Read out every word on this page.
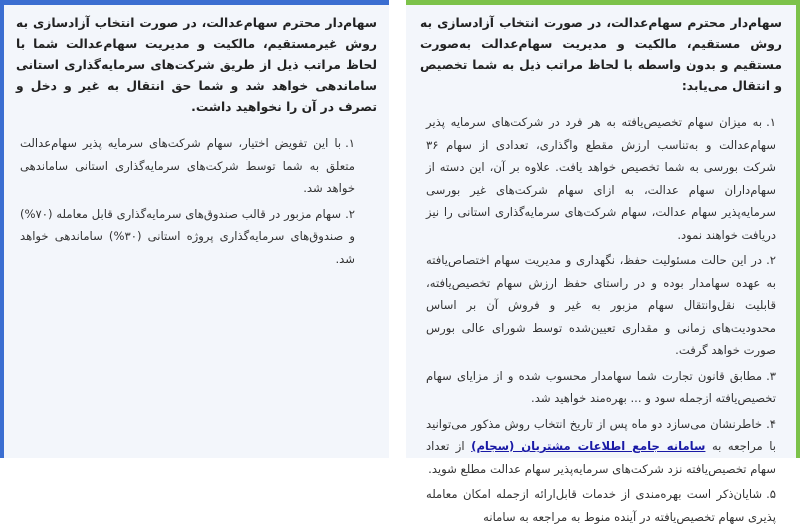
سهام‌دار محترم سهام‌عدالت، در صورت انتخاب آزادسازی به روش مستقیم، مالکیت و مدیریت سهام‌عدالت به‌صورت مستقیم و بدون واسطه با لحاظ مراتب ذیل به شما تخصیص و انتقال می‌یابد:

۱.به میزان سهام تخصیص‌یافته به هر فرد در شرکت‌های سرمایه پذیر سهام‌عدالت و به‌تناسب ارزش مقطع واگذاری، تعدادی از سهام ۳۶ شرکت بورسی به شما تخصیص خواهد یافت. علاوه بر آن، این دسته از سهام‌داران سهام عدالت، به ازای سهام شرکت‌های غیر بورسی سرمایه‌پذیر سهام عدالت، سهام شرکت‌های سرمایه‌گذاری استانی را نیز دریافت خواهند نمود.
۲.در این حالت مسئولیت حفظ، نگهداری و مدیریت سهام اختصاص‌یافته به عهده سهامدار بوده و در راستای حفظ ارزش سهام تخصیص‌یافته، قابلیت نقل‌وانتقال سهام مزبور به غیر و فروش آن بر اساس محدودیت‌های زمانی و مقداری تعیین‌شده توسط شورای عالی بورس صورت خواهد گرفت.
۳.مطابق قانون تجارت شما سهامدار محسوب شده و از مزایای سهام تخصیص‌یافته ازجمله سود و ... بهره‌مند خواهید شد.
۴.خاطرنشان می‌سازد دو ماه پس از تاریخ انتخاب روش مذکور می‌توانید با مراجعه به سامانه جامع اطلاعات مشتریان (سجام) از تعداد سهام تخصیص‌یافته نزد شرکت‌های سرمایه‌پذیر سهام عدالت مطلع شوید.
۵.شایان‌ذکر است بهره‌مندی از خدمات قابل‌ارائه ازجمله امکان معامله پذیری سهام تخصیص‌یافته در آینده منوط به مراجعه به سامانه

سهام‌دار محترم سهام‌عدالت، در صورت انتخاب آزادسازی به روش غیرمستقیم، مالکیت و مدیریت سهام‌عدالت شما با لحاظ مراتب ذیل از طریق شرکت‌های سرمایه‌گذاری استانی ساماندهی خواهد شد و شما حق انتقال به غیر و دخل و تصرف در آن را نخواهید داشت.

۱.با این تفویض اختیار، سهام شرکت‌های سرمایه پذیر سهام‌عدالت متعلق به شما توسط شرکت‌های سرمایه‌گذاری استانی ساماندهی خواهد شد.
۲.سهام مزبور در قالب صندوق‌های سرمایه‌گذاری قابل معامله (۷۰%) و صندوق‌های سرمایه‌گذاری پروژه استانی (۳۰%) ساماندهی خواهد شد.
